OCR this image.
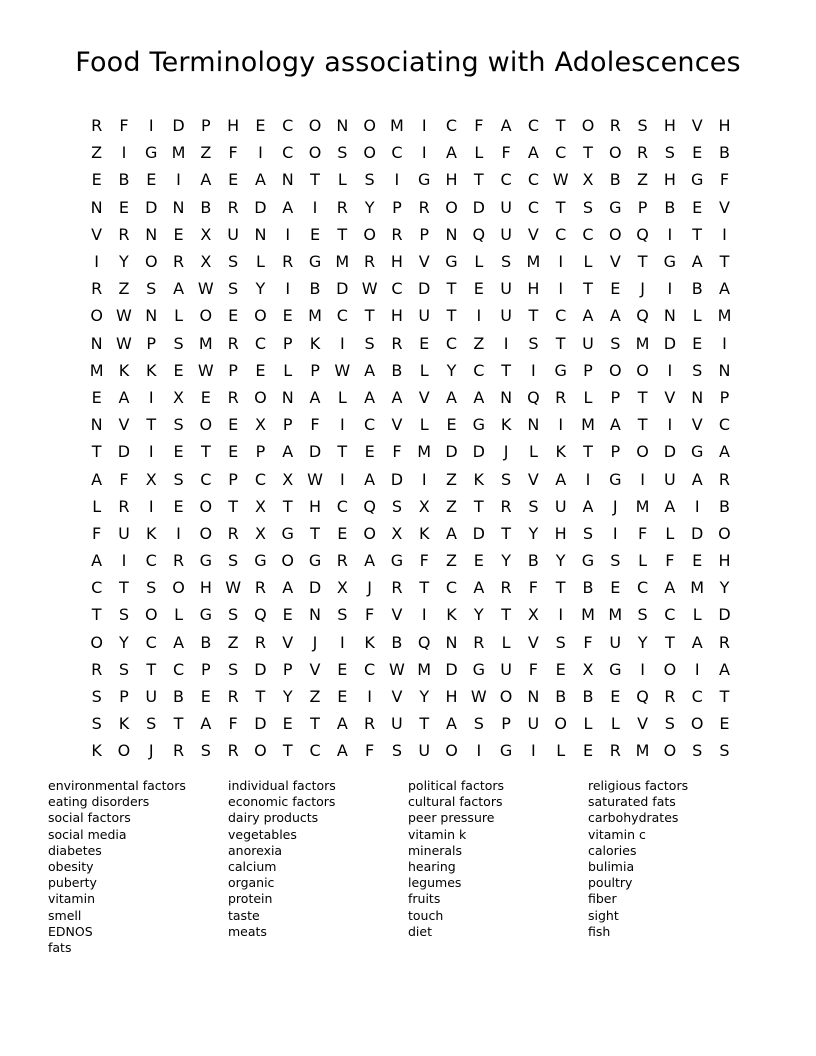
Food Terminology associating with Adolescences
R	F	I	D	P	H	E	C O N O M	I	C	F	A	C	T	O R	S	H V H
Z	I	G M Z	F	I	C O S O C	I	A	L	F	A	C	T	O R	S	E	B
E	B	E	I	A	E	A N	T	L	S	I	G H	T	C	C W X	B	Z H G	F
N	E	D N B	R D A	I	R	Y	P	R O D U C	T	S	G	P	B	E	V
V	R N	E	X U N	I	E	T	O R	P	N Q U V	C	C O Q	I	T	I
I	Y	O R	X	S	L	R G M R H V G	L	S M	I	L	V	T	G A	T
R	Z	S	A W S	Y	I	B D W C D	T	E	U H	I	T	E	J	I	B	A
O W N	L	O E O E M C	T	H U	T	I	U	T	C	A	A Q N	L M
N W P	S M R	C	P	K	I	S	R	E	C	Z	I	S	T	U	S M D	E	I
M K	K	E W P	E	L	P W A	B	L	Y	C	T	I	G	P	O O	I	S	N
E	A	I	X	E	R O N A	L	A	A	V	A	A N Q R	L	P	T	V N	P
N V	T	S O E	X	P	F	I	C	V	L	E	G K	N	I	M A	T	I	V	C
T	D	I	E	T	E	P	A D	T	E	F M D D	J	L	K	T	P	O D G A
A	F	X	S	C	P	C	X W	I	A D	I	Z	K	S	V	A	I	G	I	U A	R
L	R	I	E O	T	X	T	H C Q S	X	Z	T	R	S	U A	J	M A	I	B
F	U	K	I	O R	X G	T	E O X	K	A D	T	Y	H	S	I	F	L	D O
A	I	C	R G	S	G O G R	A G	F	Z	E	Y	B	Y	G	S	L	F	E	H
C	T	S O H W R	A D X	J	R	T	C	A	R	F	T	B	E	C	A M Y
T	S O	L	G	S Q E	N	S	F	V	I	K	Y	T	X	I	M M S	C	L	D
O	Y	C	A	B	Z	R	V	J	I	K	B Q N R	L	V	S	F	U	Y	T	A	R
R	S	T	C	P	S	D	P	V	E	C W M D G U	F	E	X G	I	O	I	A
S	P	U B	E	R	T	Y	Z	E	I	V	Y	H W O N B	B	E Q R	C	T
S	K	S	T	A	F	D	E	T	A	R U	T	A	S	P	U O	L	L	V	S O E
K O	J	R	S	R O	T	C	A	F	S	U O	I	G	I	L	E	R M O S	S
environmental factors
eating disorders
social factors
social media
diabetes
obesity
puberty
vitamin
smell
EDNOS
fats
individual factors
economic factors
dairy products
vegetables
anorexia
calcium
organic
protein
taste
meats
political factors
cultural factors
peer pressure
vitamin k
minerals
hearing
legumes
fruits
touch
diet
religious factors
saturated fats
carbohydrates
vitamin c
calories
bulimia
poultry
fiber
sight
fish
